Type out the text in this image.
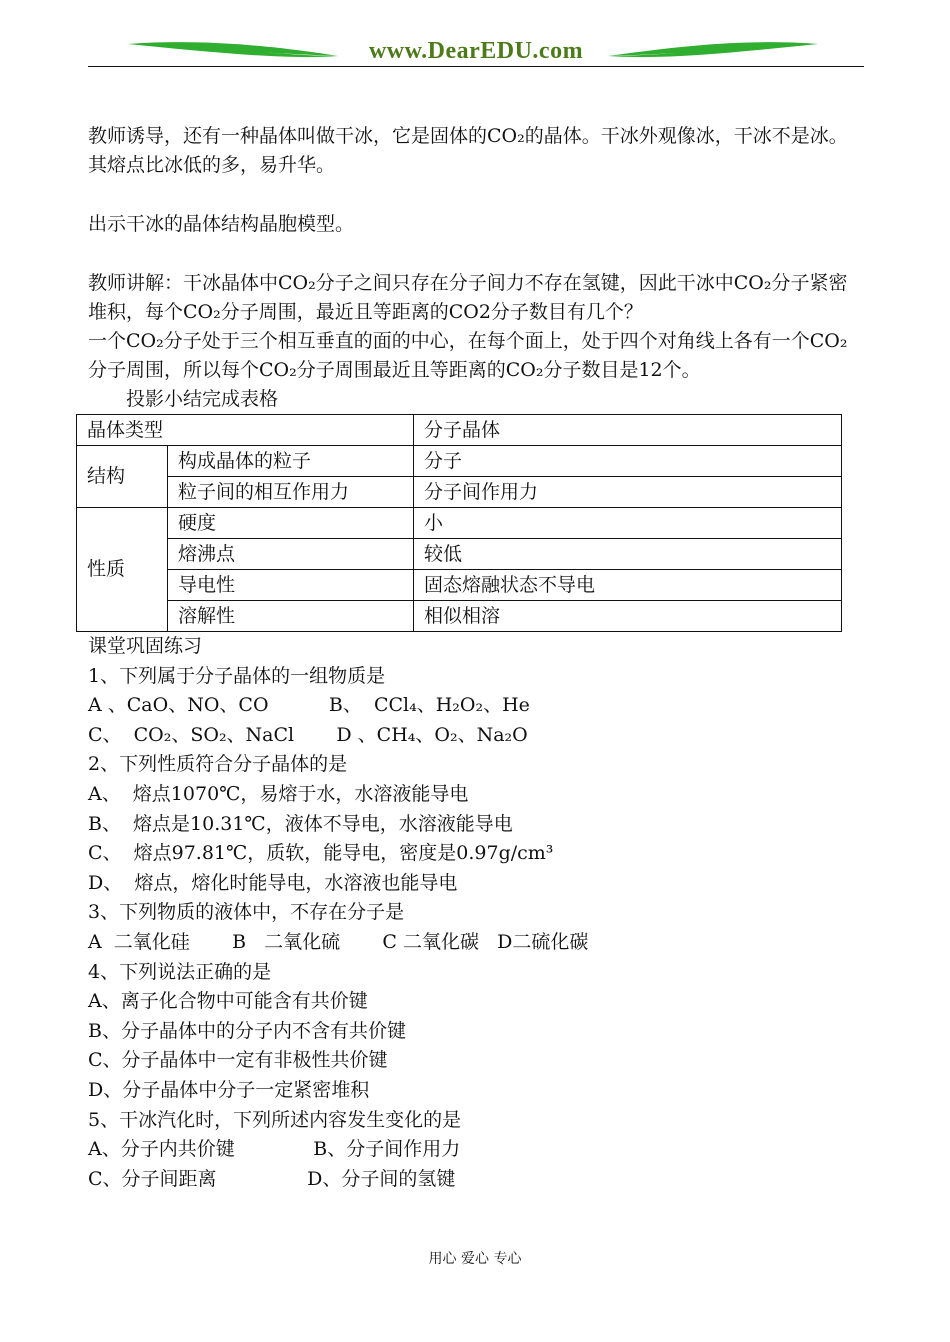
www.DearEDU.com

教师诱导，还有一种晶体叫做干冰，它是固体的CO₂的晶体。干冰外观像冰，干冰不是冰。其熔点比冰低的多，易升华。

出示干冰的晶体结构晶胞模型。

教师讲解：干冰晶体中CO₂分子之间只存在分子间力不存在氢键，因此干冰中CO₂分子紧密堆积，每个CO₂分子周围，最近且等距离的CO2分子数目有几个？

一个CO₂分子处于三个相互垂直的面的中心，在每个面上，处于四个对角线上各有一个CO₂分子周围，所以每个CO₂分子周围最近且等距离的CO₂分子数目是12个。

投影小结完成表格

晶体类型		分子晶体
结构	构成晶体的粒子	分子
	粒子间的相互作用力	分子间作用力
性质	硬度	小
	熔沸点	较低
	导电性	固态熔融状态不导电
	溶解性	相似相溶

课堂巩固练习

1、下列属于分子晶体的一组物质是

A 、CaO、NO、CO          B、  CCl₄、H₂O₂、He

C、  CO₂、SO₂、NaCl       D 、CH₄、O₂、Na₂O

2、下列性质符合分子晶体的是

A、  熔点1070℃，易熔于水，水溶液能导电

B、  熔点是10.31℃，液体不导电，水溶液能导电

C、  熔点97.81℃，质软，能导电，密度是0.97g/cm³

D、  熔点，熔化时能导电，水溶液也能导电

3、下列物质的液体中，不存在分子是

A  二氧化硅       B   二氧化硫       C 二氧化碳   D二硫化碳

4、下列说法正确的是

A、离子化合物中可能含有共价键

B、分子晶体中的分子内不含有共价键

C、分子晶体中一定有非极性共价键

D、分子晶体中分子一定紧密堆积

5、干冰汽化时，下列所述内容发生变化的是

A、分子内共价键             B、分子间作用力

C、分子间距离               D、分子间的氢键

用心 爱心 专心
